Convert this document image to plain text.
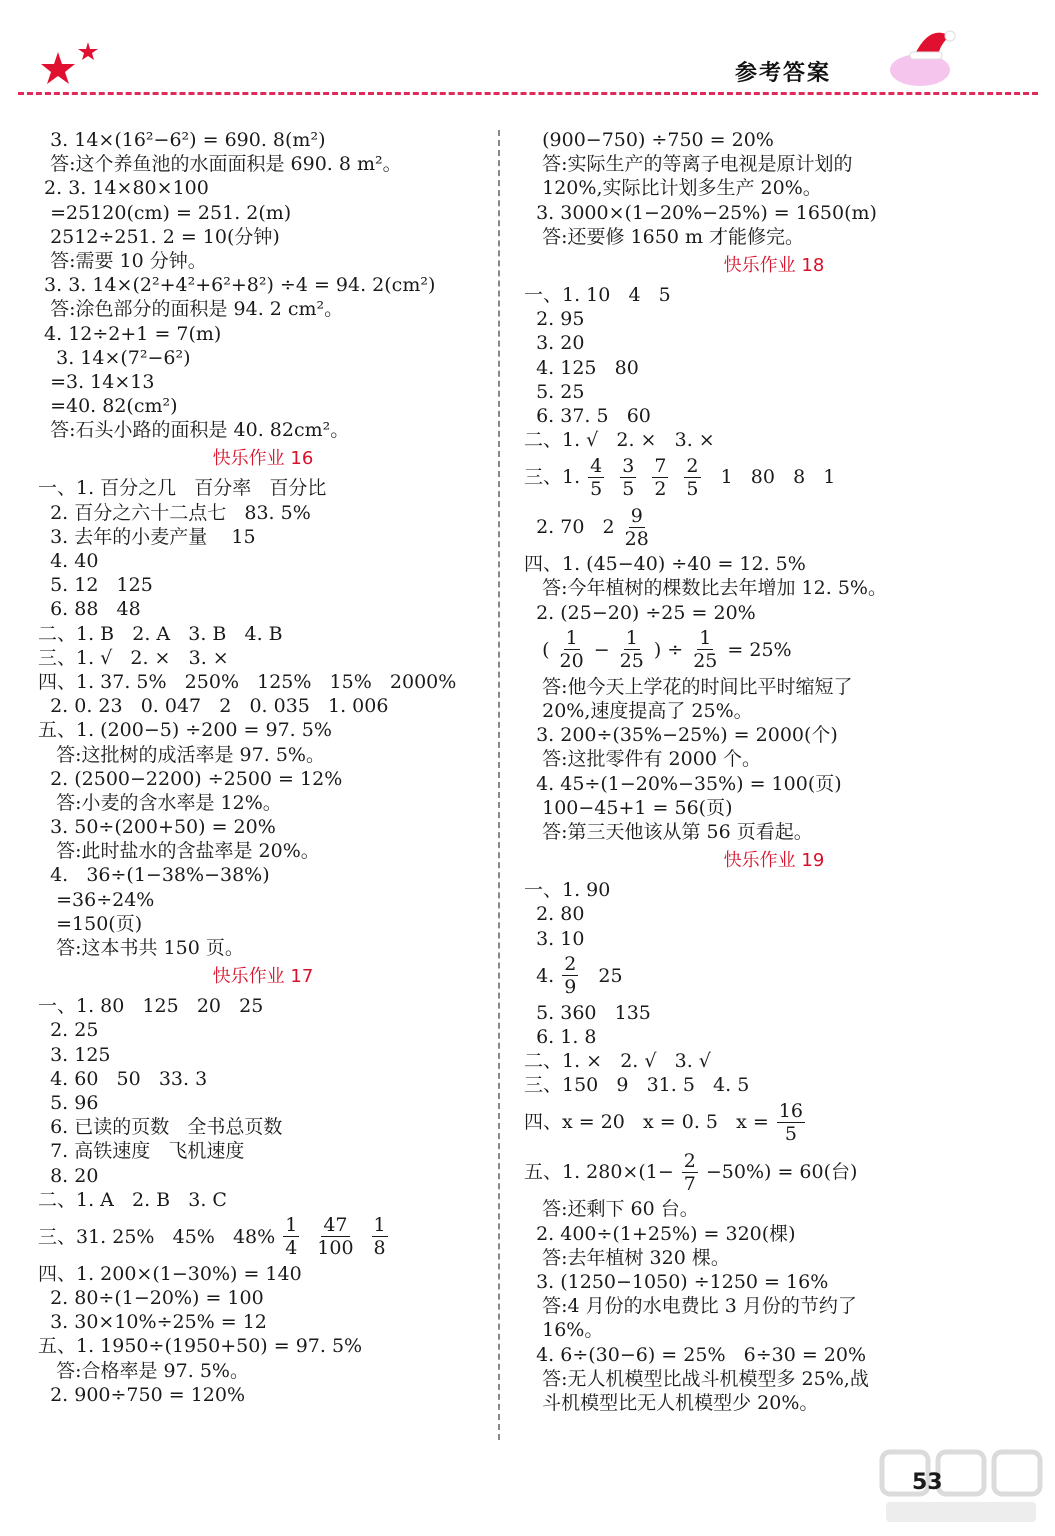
参考答案
3. 14×(16²−6²) = 690. 8(m²)
答:这个养鱼池的水面面积是 690. 8 m²。
2. 3. 14×80×100
=25120(cm) = 251. 2(m)
2512÷251. 2 = 10(分钟)
答:需要 10 分钟。
3. 3. 14×(2²+4²+6²+8²) ÷4 = 94. 2(cm²)
答:涂色部分的面积是 94. 2 cm²。
4. 12÷2+1 = 7(m)
3. 14×(7²−6²)
=3. 14×13
=40. 82(cm²)
答:石头小路的面积是 40. 82cm²。
快乐作业 16
一、1. 百分之几   百分率   百分比
2. 百分之六十二点七   83. 5%
3. 去年的小麦产量    15
4. 40
5. 12   125
6. 88   48
二、1. B   2. A   3. B   4. B
三、1. √   2. ×   3. ×
四、1. 37. 5%   250%   125%   15%   2000%
2. 0. 23   0. 047   2   0. 035   1. 006
五、1. (200−5) ÷200 = 97. 5%
答:这批树的成活率是 97. 5%。
2. (2500−2200) ÷2500 = 12%
答:小麦的含水率是 12%。
3. 50÷(200+50) = 20%
答:此时盐水的含盐率是 20%。
4.   36÷(1−38%−38%)
=36÷24%
=150(页)
答:这本书共 150 页。
快乐作业 17
一、1. 80   125   20   25
2. 25
3. 125
4. 60   50   33. 3
5. 96
6. 已读的页数   全书总页数
7. 高铁速度   飞机速度
8. 20
二、1. A   2. B   3. C
三、31. 25%   45%   $48\% \frac{1}{4} \frac{47}{100} \frac{1}{8}$
四、1. 200×(1−30%) = 140
2. 80÷(1−20%) = 100
3. 30×10%÷25% = 12
五、1. 1950÷(1950+50) = 97. 5%
答:合格率是 97. 5%。
2. 900÷750 = 120%
(900−750) ÷750 = 20%
答:实际生产的等离子电视是原计划的
120%,实际比计划多生产 20%。
3. 3000×(1−20%−25%) = 1650(m)
答:还要修 1650 m 才能修完。
快乐作业 18
一、1. 10   4   5
2. 95
3. 20
4. 125   80
5. 25
6. 37. 5   60
二、1. √   2. ×   3. ×
三、1. $\frac{4}{5} \frac{3}{5} \frac{7}{2} \frac{2}{5} 1$   80   8   1
2. 70   $2 \frac{9}{28}$
四、1. (45−40) ÷40 = 12. 5%
答:今年植树的棵数比去年增加 12. 5%。
2. (25−20) ÷25 = 20%
( $\frac{1}{20} - \frac{1}{25}$ ) ÷ $\frac{1}{25} = 25\%$
答:他今天上学花的时间比平时缩短了
20%,速度提高了 25%。
3. 200÷(35%−25%) = 2000(个)
答:这批零件有 2000 个。
4. 45÷(1−20%−35%) = 100(页)
100−45+1 = 56(页)
答:第三天他该从第 56 页看起。
快乐作业 19
一、1. 90
2. 80
3. 10
4. $\frac{2}{9} 25$
5. 360   135
6. 1. 8
二、1. ×   2. √   3. √
三、150   9   31. 5   4. 5
四、x = 20   x = 0. 5   $x = \frac{16}{5}$
五、1. $280\times(1- \frac{2}{7} -50\%) = 60$(台)
答:还剩下 60 台。
2. 400÷(1+25%) = 320(棵)
答:去年植树 320 棵。
3. (1250−1050) ÷1250 = 16%
答:4 月份的水电费比 3 月份的节约了
16%。
4. 6÷(30−6) = 25%   6÷30 = 20%
答:无人机模型比战斗机模型多 25%,战
斗机模型比无人机模型少 20%。
53
